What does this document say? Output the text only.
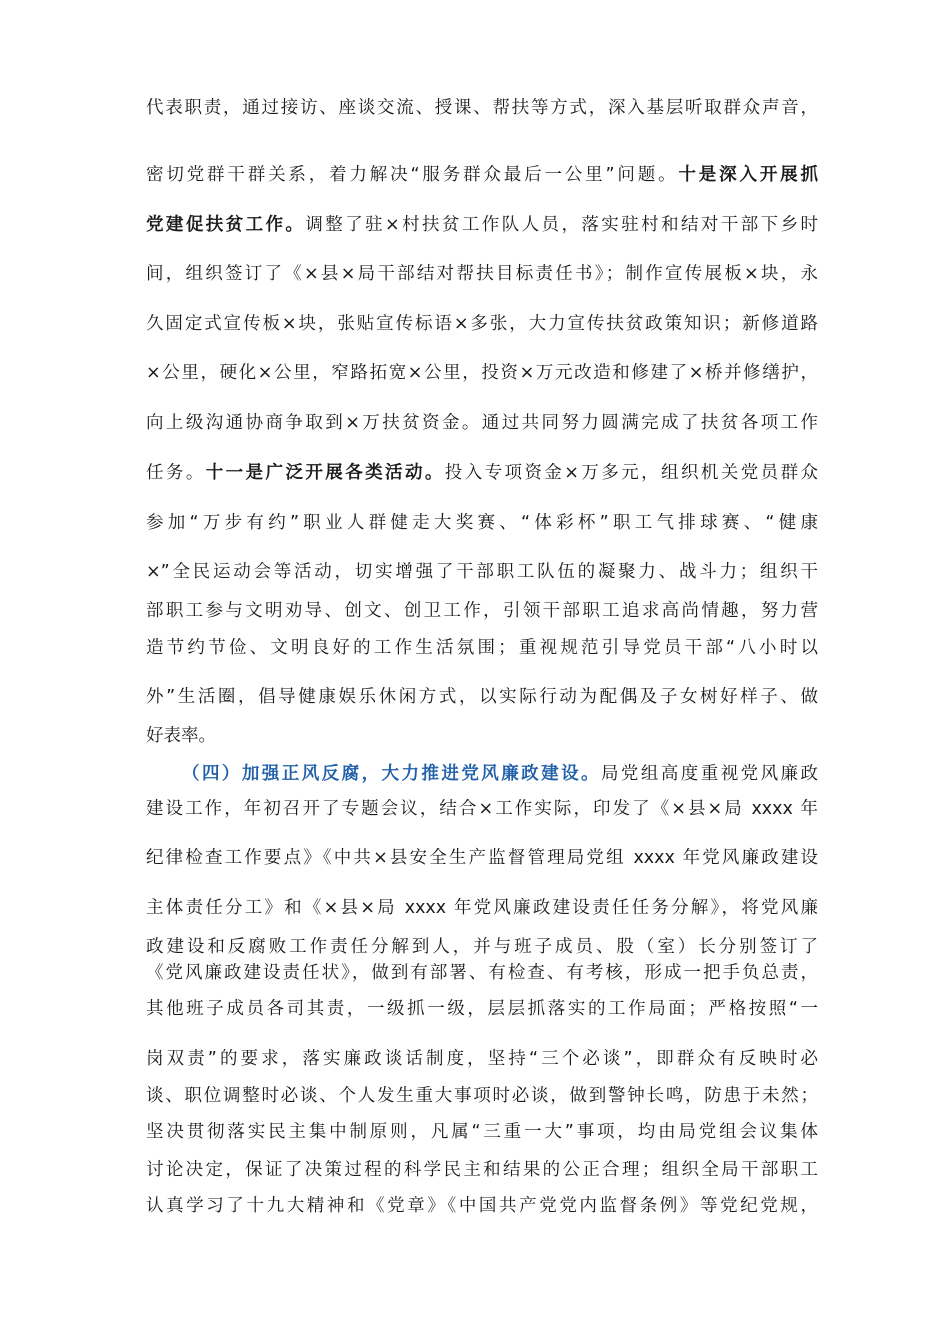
代表职责，通过接访、座谈交流、授课、帮扶等方式，深入基层听取群众声音，
密切党群干群关系，着力解决“服务群众最后一公里”问题。十是深入开展抓
党建促扶贫工作。调整了驻×村扶贫工作队人员，落实驻村和结对干部下乡时
间，组织签订了《×县×局干部结对帮扶目标责任书》；制作宣传展板×块，永
久固定式宣传板×块，张贴宣传标语×多张，大力宣传扶贫政策知识；新修道路
×公里，硬化×公里，窄路拓宽×公里，投资×万元改造和修建了×桥并修缮护，
向上级沟通协商争取到×万扶贫资金。通过共同努力圆满完成了扶贫各项工作
任务。十一是广泛开展各类活动。投入专项资金×万多元，组织机关党员群众
参加“万步有约”职业人群健走大奖赛、“体彩杯”职工气排球赛、“健康
×”全民运动会等活动，切实增强了干部职工队伍的凝聚力、战斗力；组织干
部职工参与文明劝导、创文、创卫工作，引领干部职工追求高尚情趣，努力营
造节约节俭、文明良好的工作生活氛围；重视规范引导党员干部“八小时以
外”生活圈，倡导健康娱乐休闲方式，以实际行动为配偶及子女树好样子、做
好表率。
（四）加强正风反腐，大力推进党风廉政建设。局党组高度重视党风廉政
建设工作，年初召开了专题会议，结合×工作实际，印发了《×县×局 xxxx 年
纪律检查工作要点》《中共×县安全生产监督管理局党组 xxxx 年党风廉政建设
主体责任分工》和《×县×局 xxxx 年党风廉政建设责任任务分解》，将党风廉
政建设和反腐败工作责任分解到人，并与班子成员、股（室）长分别签订了
《党风廉政建设责任状》，做到有部署、有检查、有考核，形成一把手负总责，
其他班子成员各司其责，一级抓一级，层层抓落实的工作局面；严格按照“一
岗双责”的要求，落实廉政谈话制度，坚持“三个必谈”，即群众有反映时必
谈、职位调整时必谈、个人发生重大事项时必谈，做到警钟长鸣，防患于未然；
坚决贯彻落实民主集中制原则，凡属“三重一大”事项，均由局党组会议集体
讨论决定，保证了决策过程的科学民主和结果的公正合理；组织全局干部职工
认真学习了十九大精神和《党章》《中国共产党党内监督条例》等党纪党规，
